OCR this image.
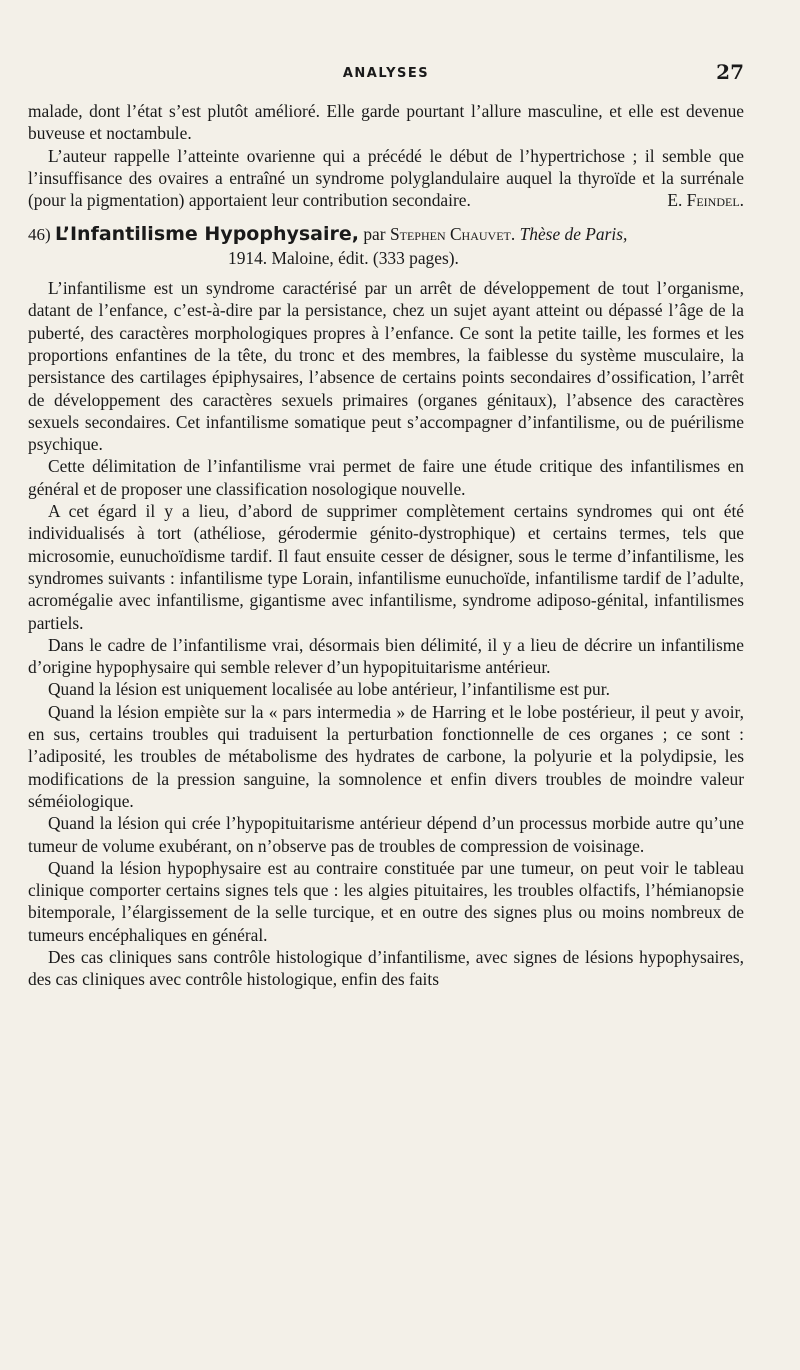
ANALYSES	27

malade, dont l’état s’est plutôt amélioré. Elle garde pourtant l’allure masculine, et elle est devenue buveuse et noctambule.

L’auteur rappelle l’atteinte ovarienne qui a précédé le début de l’hypertrichose ; il semble que l’insuffisance des ovaires a entraîné un syndrome polyglandulaire auquel la thyroïde et la surrénale (pour la pigmentation) apportaient leur contribution secondaire.	E. Feindel.

46) L’Infantilisme Hypophysaire, par Stephen Chauvet. Thèse de Paris,
1914. Maloine, édit. (333 pages).

L’infantilisme est un syndrome caractérisé par un arrêt de développement de tout l’organisme, datant de l’enfance, c’est-à-dire par la persistance, chez un sujet ayant atteint ou dépassé l’âge de la puberté, des caractères morphologiques propres à l’enfance. Ce sont la petite taille, les formes et les proportions enfantines de la tête, du tronc et des membres, la faiblesse du système musculaire, la persistance des cartilages épiphysaires, l’absence de certains points secondaires d’ossification, l’arrêt de développement des caractères sexuels primaires (organes génitaux), l’absence des caractères sexuels secondaires. Cet infantilisme somatique peut s’accompagner d’infantilisme, ou de puérilisme psychique.

Cette délimitation de l’infantilisme vrai permet de faire une étude critique des infantilismes en général et de proposer une classification nosologique nouvelle.

A cet égard il y a lieu, d’abord de supprimer complètement certains syndromes qui ont été individualisés à tort (athéliose, gérodermie génito-dystrophique) et certains termes, tels que microsomie, eunuchoïdisme tardif. Il faut ensuite cesser de désigner, sous le terme d’infantilisme, les syndromes suivants : infantilisme type Lorain, infantilisme eunuchoïde, infantilisme tardif de l’adulte, acromégalie avec infantilisme, gigantisme avec infantilisme, syndrome adiposo-génital, infantilismes partiels.

Dans le cadre de l’infantilisme vrai, désormais bien délimité, il y a lieu de décrire un infantilisme d’origine hypophysaire qui semble relever d’un hypopituitarisme antérieur.

Quand la lésion est uniquement localisée au lobe antérieur, l’infantilisme est pur.

Quand la lésion empiète sur la « pars intermedia » de Harring et le lobe postérieur, il peut y avoir, en sus, certains troubles qui traduisent la perturbation fonctionnelle de ces organes ; ce sont : l’adiposité, les troubles de métabolisme des hydrates de carbone, la polyurie et la polydipsie, les modifications de la pression sanguine, la somnolence et enfin divers troubles de moindre valeur séméiologique.

Quand la lésion qui crée l’hypopituitarisme antérieur dépend d’un processus morbide autre qu’une tumeur de volume exubérant, on n’observe pas de troubles de compression de voisinage.

Quand la lésion hypophysaire est au contraire constituée par une tumeur, on peut voir le tableau clinique comporter certains signes tels que : les algies pituitaires, les troubles olfactifs, l’hémianopsie bitemporale, l’élargissement de la selle turcique, et en outre des signes plus ou moins nombreux de tumeurs encéphaliques en général.

Des cas cliniques sans contrôle histologique d’infantilisme, avec signes de lésions hypophysaires, des cas cliniques avec contrôle histologique, enfin des faits
